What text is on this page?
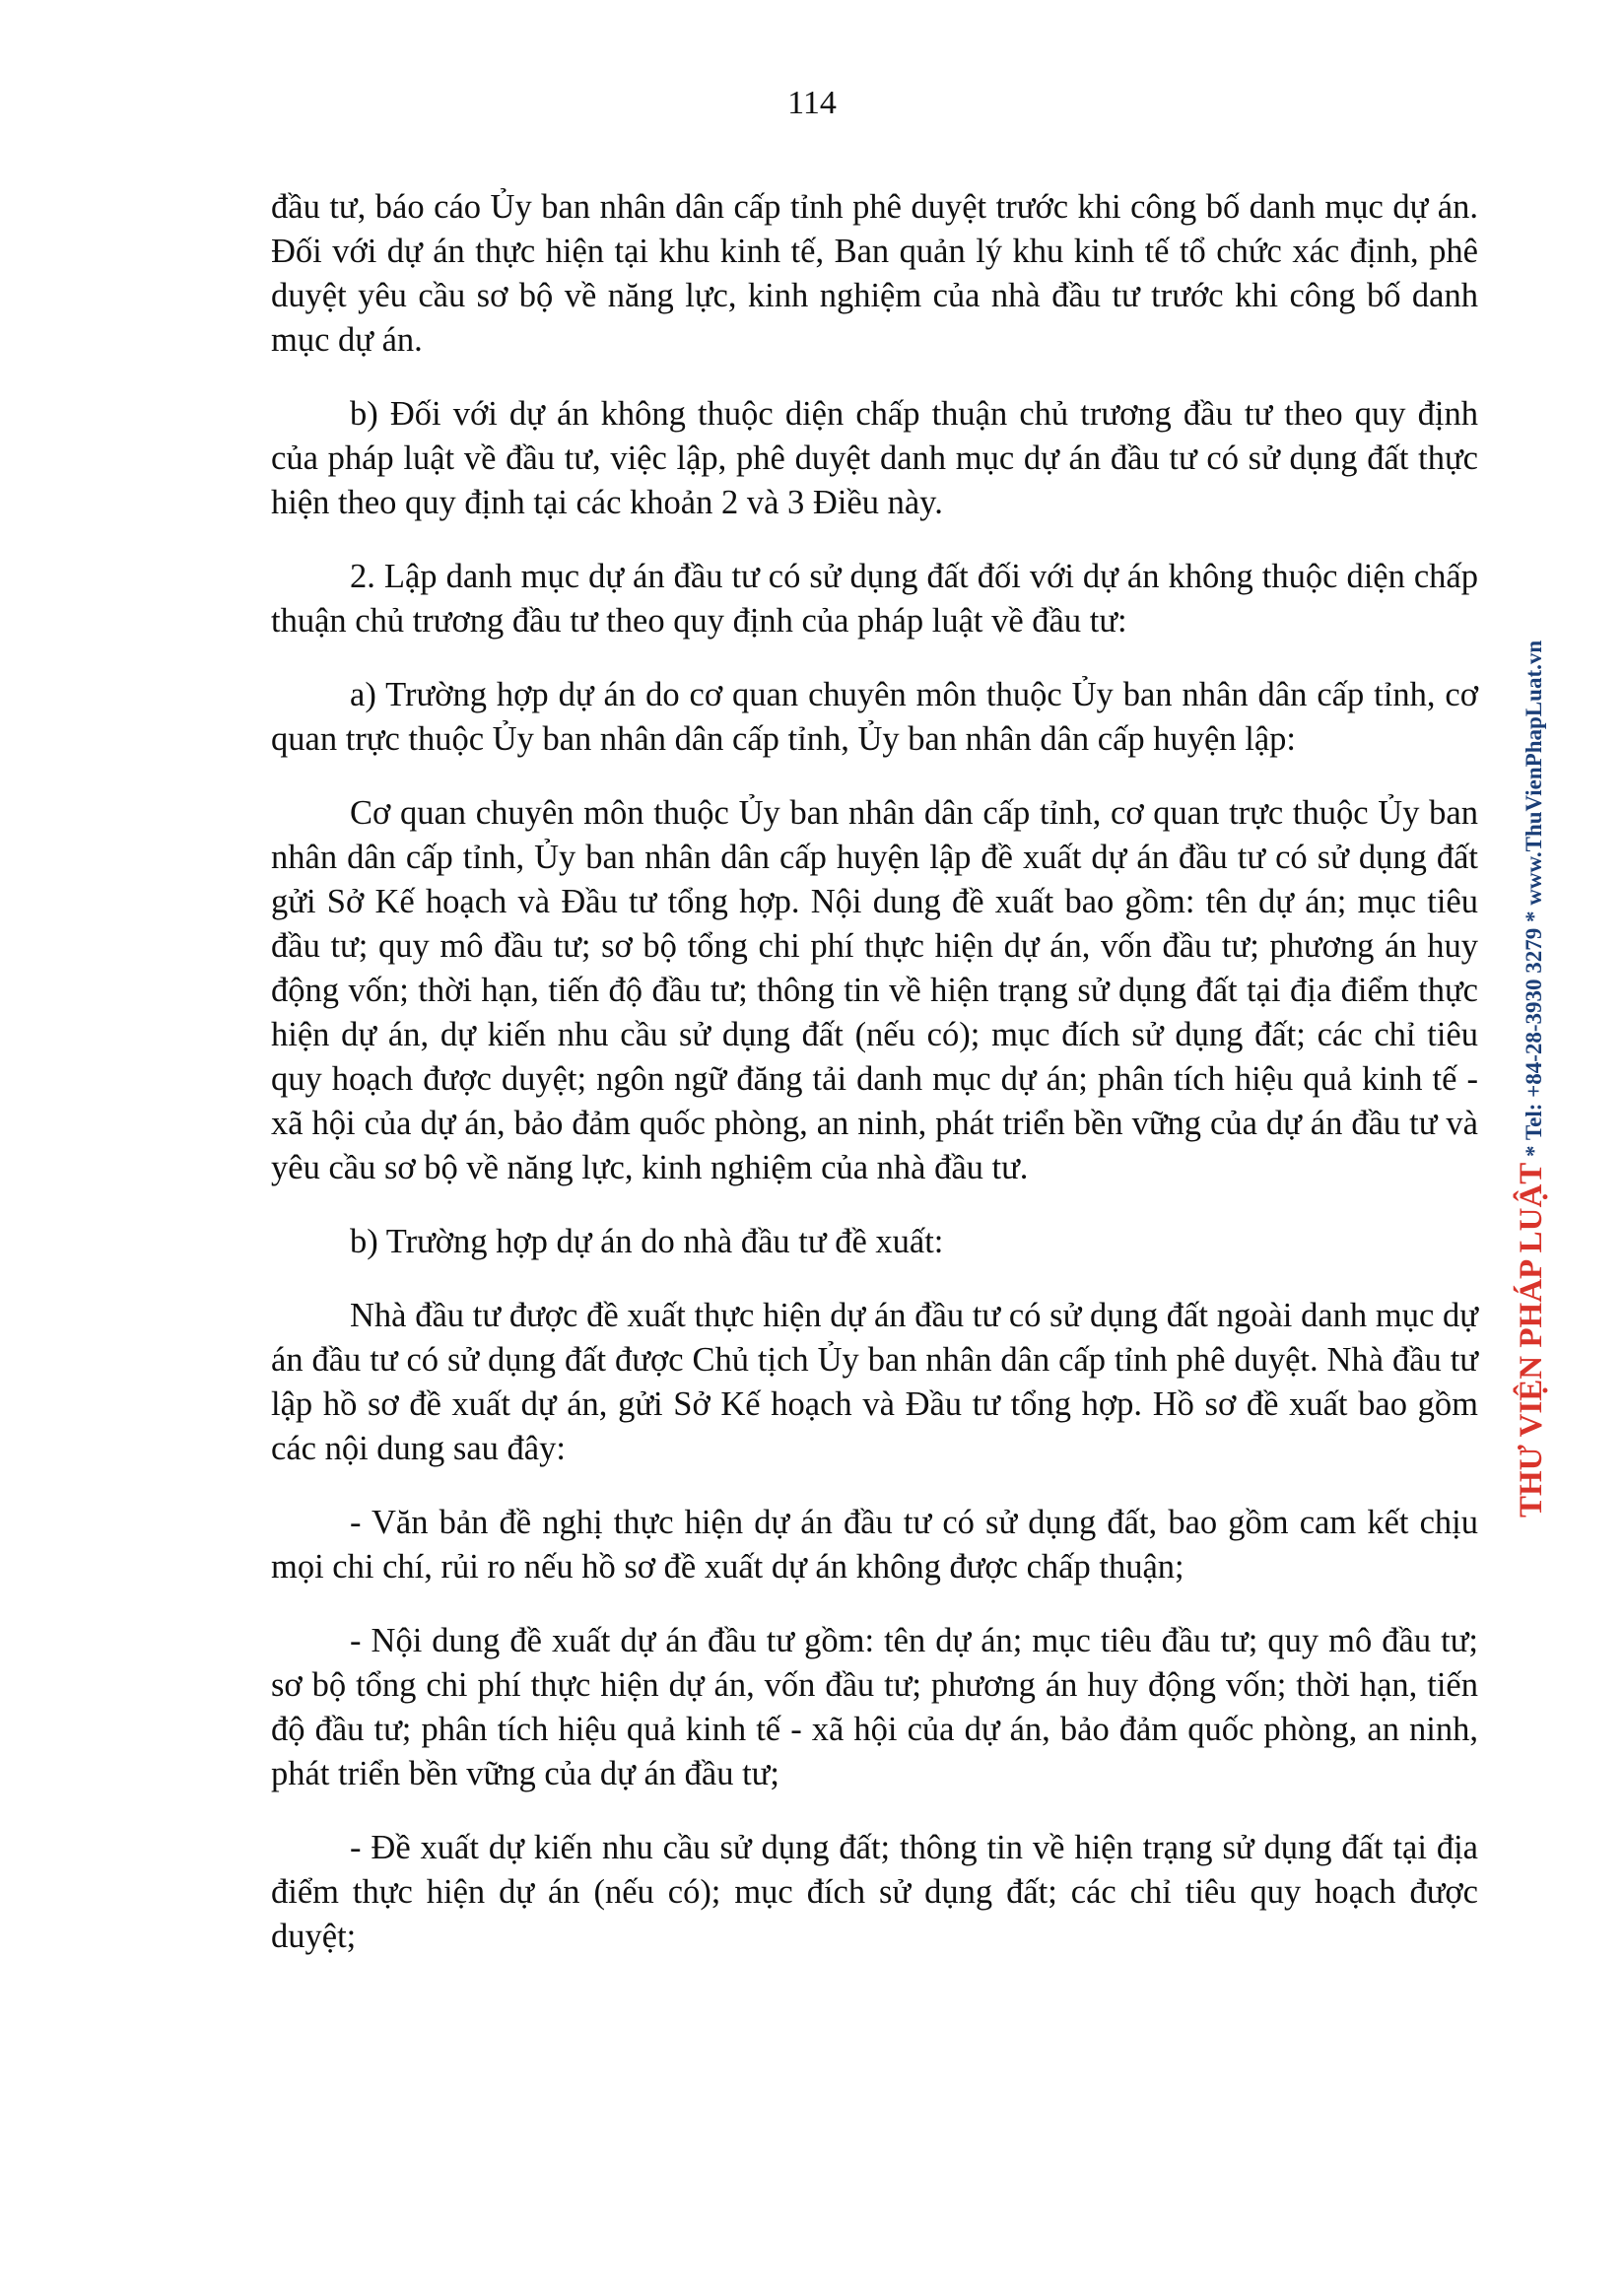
114

đầu tư, báo cáo Ủy ban nhân dân cấp tỉnh phê duyệt trước khi công bố danh mục dự án. Đối với dự án thực hiện tại khu kinh tế, Ban quản lý khu kinh tế tổ chức xác định, phê duyệt yêu cầu sơ bộ về năng lực, kinh nghiệm của nhà đầu tư trước khi công bố danh mục dự án.

b) Đối với dự án không thuộc diện chấp thuận chủ trương đầu tư theo quy định của pháp luật về đầu tư, việc lập, phê duyệt danh mục dự án đầu tư có sử dụng đất thực hiện theo quy định tại các khoản 2 và 3 Điều này.

2. Lập danh mục dự án đầu tư có sử dụng đất đối với dự án không thuộc diện chấp thuận chủ trương đầu tư theo quy định của pháp luật về đầu tư:

a) Trường hợp dự án do cơ quan chuyên môn thuộc Ủy ban nhân dân cấp tỉnh, cơ quan trực thuộc Ủy ban nhân dân cấp tỉnh, Ủy ban nhân dân cấp huyện lập:

Cơ quan chuyên môn thuộc Ủy ban nhân dân cấp tỉnh, cơ quan trực thuộc Ủy ban nhân dân cấp tỉnh, Ủy ban nhân dân cấp huyện lập đề xuất dự án đầu tư có sử dụng đất gửi Sở Kế hoạch và Đầu tư tổng hợp. Nội dung đề xuất bao gồm: tên dự án; mục tiêu đầu tư; quy mô đầu tư; sơ bộ tổng chi phí thực hiện dự án, vốn đầu tư; phương án huy động vốn; thời hạn, tiến độ đầu tư; thông tin về hiện trạng sử dụng đất tại địa điểm thực hiện dự án, dự kiến nhu cầu sử dụng đất (nếu có); mục đích sử dụng đất; các chỉ tiêu quy hoạch được duyệt; ngôn ngữ đăng tải danh mục dự án; phân tích hiệu quả kinh tế - xã hội của dự án, bảo đảm quốc phòng, an ninh, phát triển bền vững của dự án đầu tư và yêu cầu sơ bộ về năng lực, kinh nghiệm của nhà đầu tư.

b) Trường hợp dự án do nhà đầu tư đề xuất:

Nhà đầu tư được đề xuất thực hiện dự án đầu tư có sử dụng đất ngoài danh mục dự án đầu tư có sử dụng đất được Chủ tịch Ủy ban nhân dân cấp tỉnh phê duyệt. Nhà đầu tư lập hồ sơ đề xuất dự án, gửi Sở Kế hoạch và Đầu tư tổng hợp. Hồ sơ đề xuất bao gồm các nội dung sau đây:

- Văn bản đề nghị thực hiện dự án đầu tư có sử dụng đất, bao gồm cam kết chịu mọi chi chí, rủi ro nếu hồ sơ đề xuất dự án không được chấp thuận;

- Nội dung đề xuất dự án đầu tư gồm: tên dự án; mục tiêu đầu tư; quy mô đầu tư; sơ bộ tổng chi phí thực hiện dự án, vốn đầu tư; phương án huy động vốn; thời hạn, tiến độ đầu tư; phân tích hiệu quả kinh tế - xã hội của dự án, bảo đảm quốc phòng, an ninh, phát triển bền vững của dự án đầu tư;

- Đề xuất dự kiến nhu cầu sử dụng đất; thông tin về hiện trạng sử dụng đất tại địa điểm thực hiện dự án (nếu có); mục đích sử dụng đất; các chỉ tiêu quy hoạch được duyệt;

THƯ VIỆN PHÁP LUẬT * Tel: +84-28-3930 3279 * www.ThuVienPhapLuat.vn
